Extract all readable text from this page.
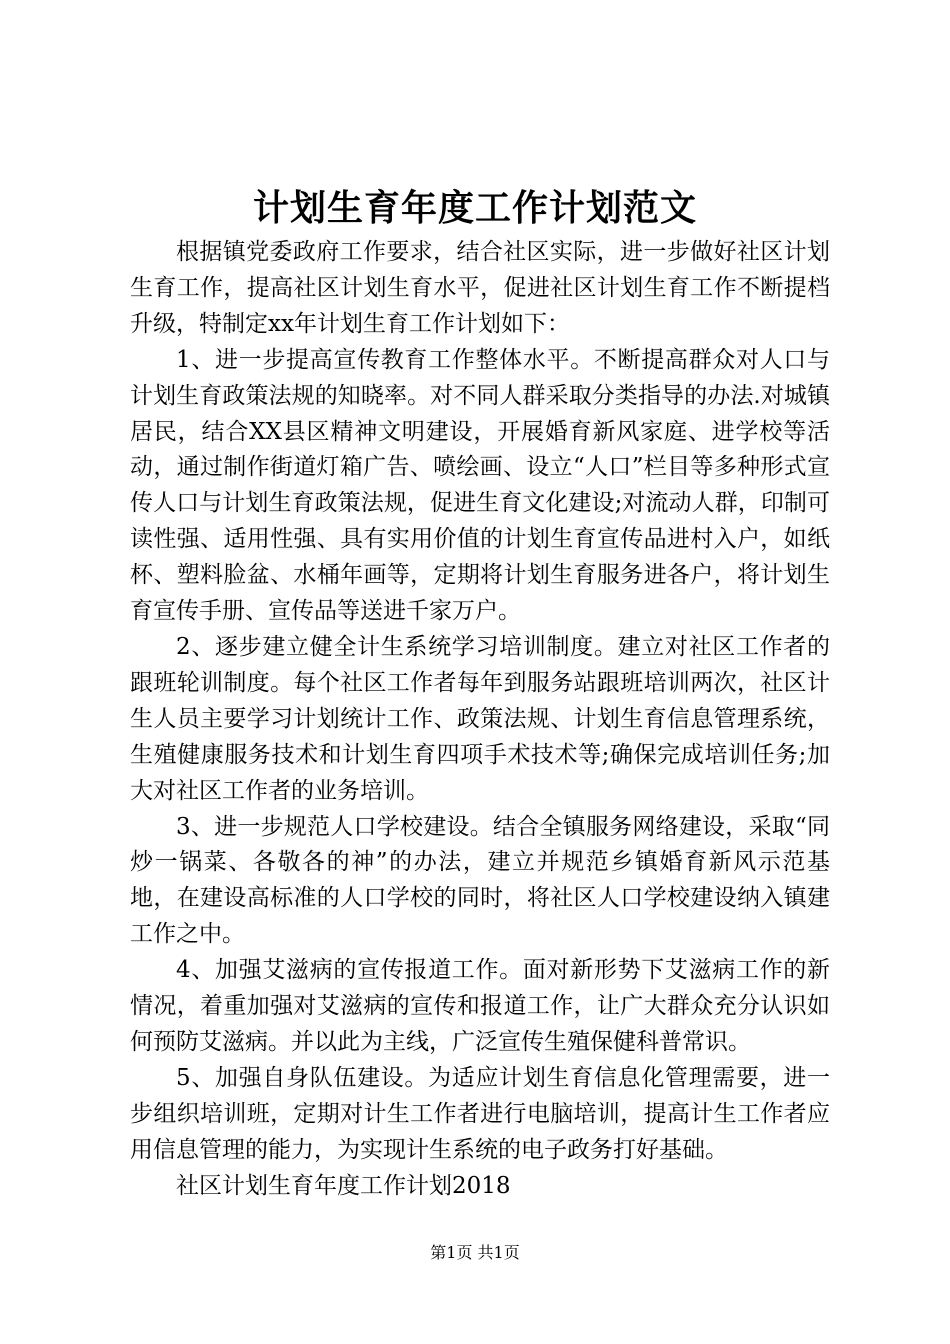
计划生育年度工作计划范文

根据镇党委政府工作要求，结合社区实际，进一步做好社区计划生育工作，提高社区计划生育水平，促进社区计划生育工作不断提档升级，特制定xx年计划生育工作计划如下：

1、进一步提高宣传教育工作整体水平。不断提高群众对人口与计划生育政策法规的知晓率。对不同人群采取分类指导的办法.对城镇居民，结合XX县区精神文明建设，开展婚育新风家庭、进学校等活动，通过制作街道灯箱广告、喷绘画、设立“人口”栏目等多种形式宣传人口与计划生育政策法规，促进生育文化建设;对流动人群，印制可读性强、适用性强、具有实用价值的计划生育宣传品进村入户，如纸杯、塑料脸盆、水桶年画等，定期将计划生育服务进各户，将计划生育宣传手册、宣传品等送进千家万户。

2、逐步建立健全计生系统学习培训制度。建立对社区工作者的跟班轮训制度。每个社区工作者每年到服务站跟班培训两次，社区计生人员主要学习计划统计工作、政策法规、计划生育信息管理系统，生殖健康服务技术和计划生育四项手术技术等;确保完成培训任务;加大对社区工作者的业务培训。

3、进一步规范人口学校建设。结合全镇服务网络建设，采取“同炒一锅菜、各敬各的神”的办法，建立并规范乡镇婚育新风示范基地，在建设高标准的人口学校的同时，将社区人口学校建设纳入镇建工作之中。

4、加强艾滋病的宣传报道工作。面对新形势下艾滋病工作的新情况，着重加强对艾滋病的宣传和报道工作，让广大群众充分认识如何预防艾滋病。并以此为主线，广泛宣传生殖保健科普常识。

5、加强自身队伍建设。为适应计划生育信息化管理需要，进一步组织培训班，定期对计生工作者进行电脑培训，提高计生工作者应用信息管理的能力，为实现计生系统的电子政务打好基础。

社区计划生育年度工作计划2018

第1页 共1页
